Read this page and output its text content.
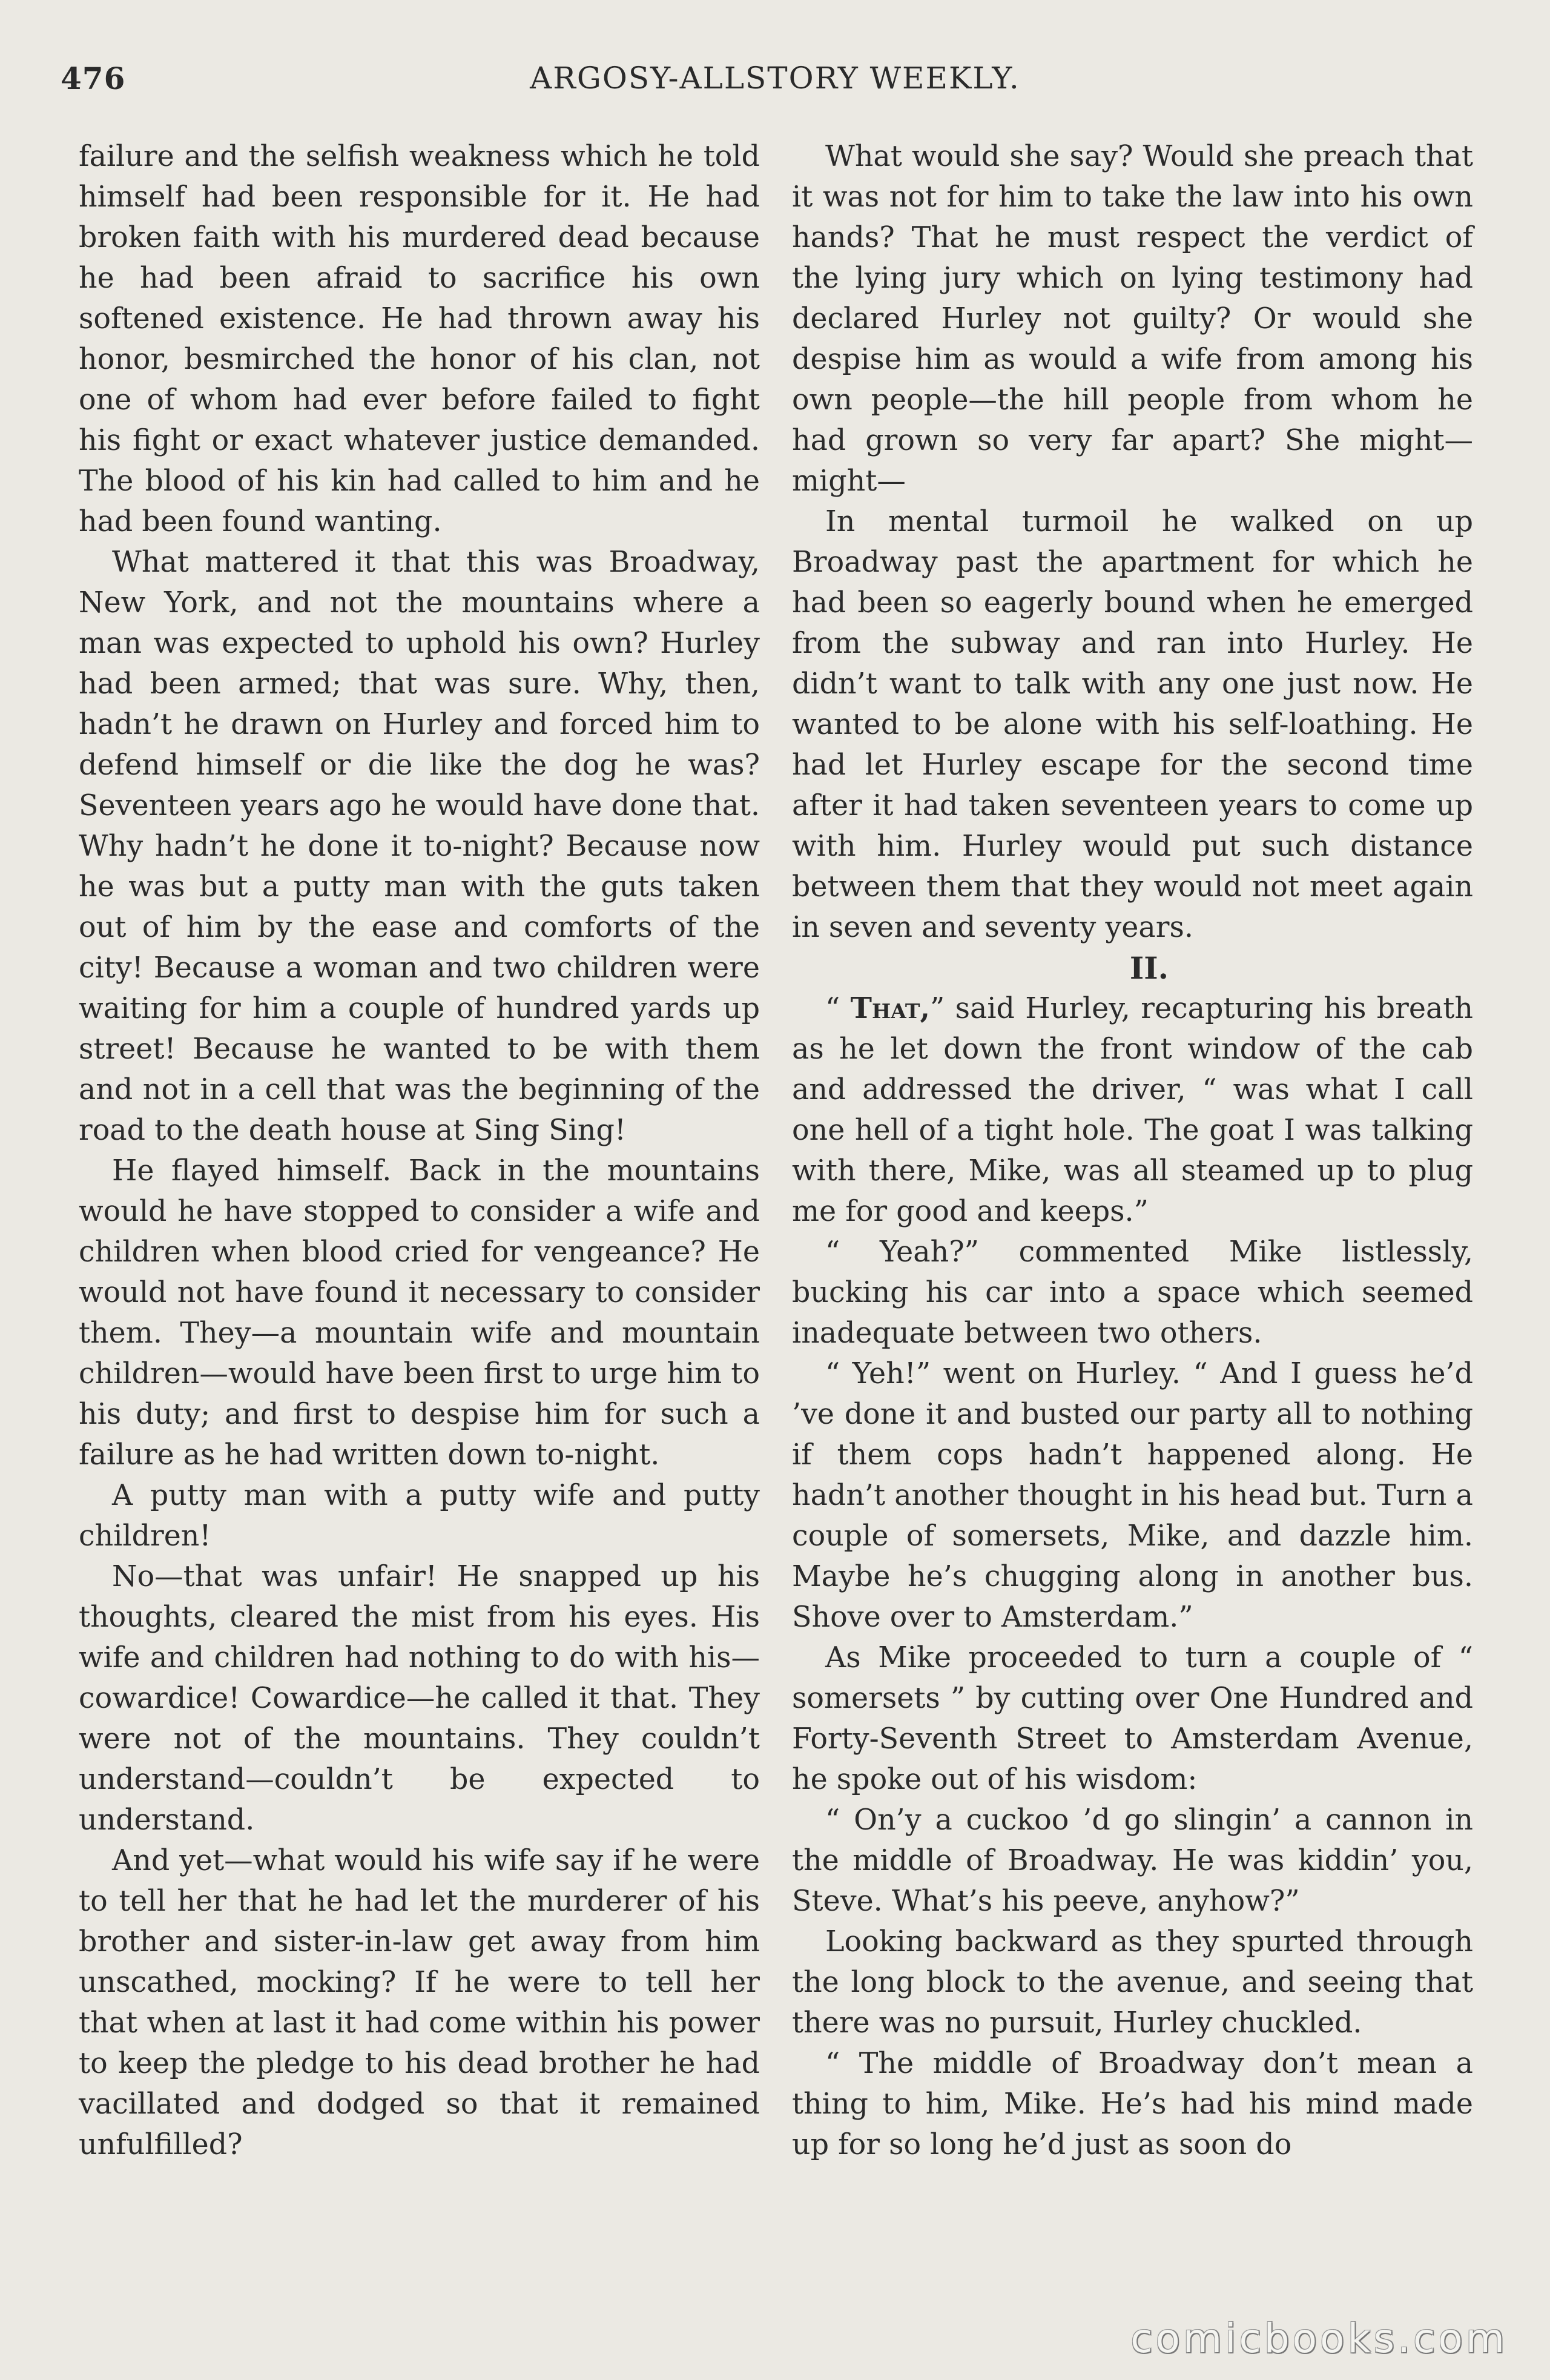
476	ARGOSY-ALLSTORY WEEKLY.

failure and the selfish weakness which he told himself had been responsible for it. He had broken faith with his murdered dead because he had been afraid to sacrifice his own softened existence. He had thrown away his honor, besmirched the honor of his clan, not one of whom had ever before failed to fight his fight or exact whatever justice demanded. The blood of his kin had called to him and he had been found wanting.

What mattered it that this was Broadway, New York, and not the mountains where a man was expected to uphold his own? Hurley had been armed; that was sure. Why, then, hadn’t he drawn on Hurley and forced him to defend himself or die like the dog he was? Seventeen years ago he would have done that. Why hadn’t he done it to-night? Because now he was but a putty man with the guts taken out of him by the ease and comforts of the city! Because a woman and two children were waiting for him a couple of hundred yards up street! Because he wanted to be with them and not in a cell that was the beginning of the road to the death house at Sing Sing!

He flayed himself. Back in the mountains would he have stopped to consider a wife and children when blood cried for vengeance? He would not have found it necessary to consider them. They—a mountain wife and mountain children—would have been first to urge him to his duty; and first to despise him for such a failure as he had written down to-night.

A putty man with a putty wife and putty children!

No—that was unfair! He snapped up his thoughts, cleared the mist from his eyes. His wife and children had nothing to do with his—cowardice! Cowardice—he called it that. They were not of the mountains. They couldn’t understand—couldn’t be expected to understand.

And yet—what would his wife say if he were to tell her that he had let the murderer of his brother and sister-in-law get away from him unscathed, mocking? If he were to tell her that when at last it had come within his power to keep the pledge to his dead brother he had vacillated and dodged so that it remained unfulfilled?

What would she say? Would she preach that it was not for him to take the law into his own hands? That he must respect the verdict of the lying jury which on lying testimony had declared Hurley not guilty? Or would she despise him as would a wife from among his own people—the hill people from whom he had grown so very far apart? She might—might—

In mental turmoil he walked on up Broadway past the apartment for which he had been so eagerly bound when he emerged from the subway and ran into Hurley. He didn’t want to talk with any one just now. He wanted to be alone with his self-loathing. He had let Hurley escape for the second time after it had taken seventeen years to come up with him. Hurley would put such distance between them that they would not meet again in seven and seventy years.

II.

“ That,” said Hurley, recapturing his breath as he let down the front window of the cab and addressed the driver, “ was what I call one hell of a tight hole. The goat I was talking with there, Mike, was all steamed up to plug me for good and keeps.”

“ Yeah?” commented Mike listlessly, bucking his car into a space which seemed inadequate between two others.

“ Yeh!” went on Hurley. “ And I guess he’d ’ve done it and busted our party all to nothing if them cops hadn’t happened along. He hadn’t another thought in his head but. Turn a couple of somersets, Mike, and dazzle him. Maybe he’s chugging along in another bus. Shove over to Amsterdam.”

As Mike proceeded to turn a couple of “ somersets ” by cutting over One Hundred and Forty-Seventh Street to Amsterdam Avenue, he spoke out of his wisdom:

“ On’y a cuckoo ’d go slingin’ a cannon in the middle of Broadway. He was kiddin’ you, Steve. What’s his peeve, anyhow?”

Looking backward as they spurted through the long block to the avenue, and seeing that there was no pursuit, Hurley chuckled.

“ The middle of Broadway don’t mean a thing to him, Mike. He’s had his mind made up for so long he’d just as soon do

comicbooks.com
